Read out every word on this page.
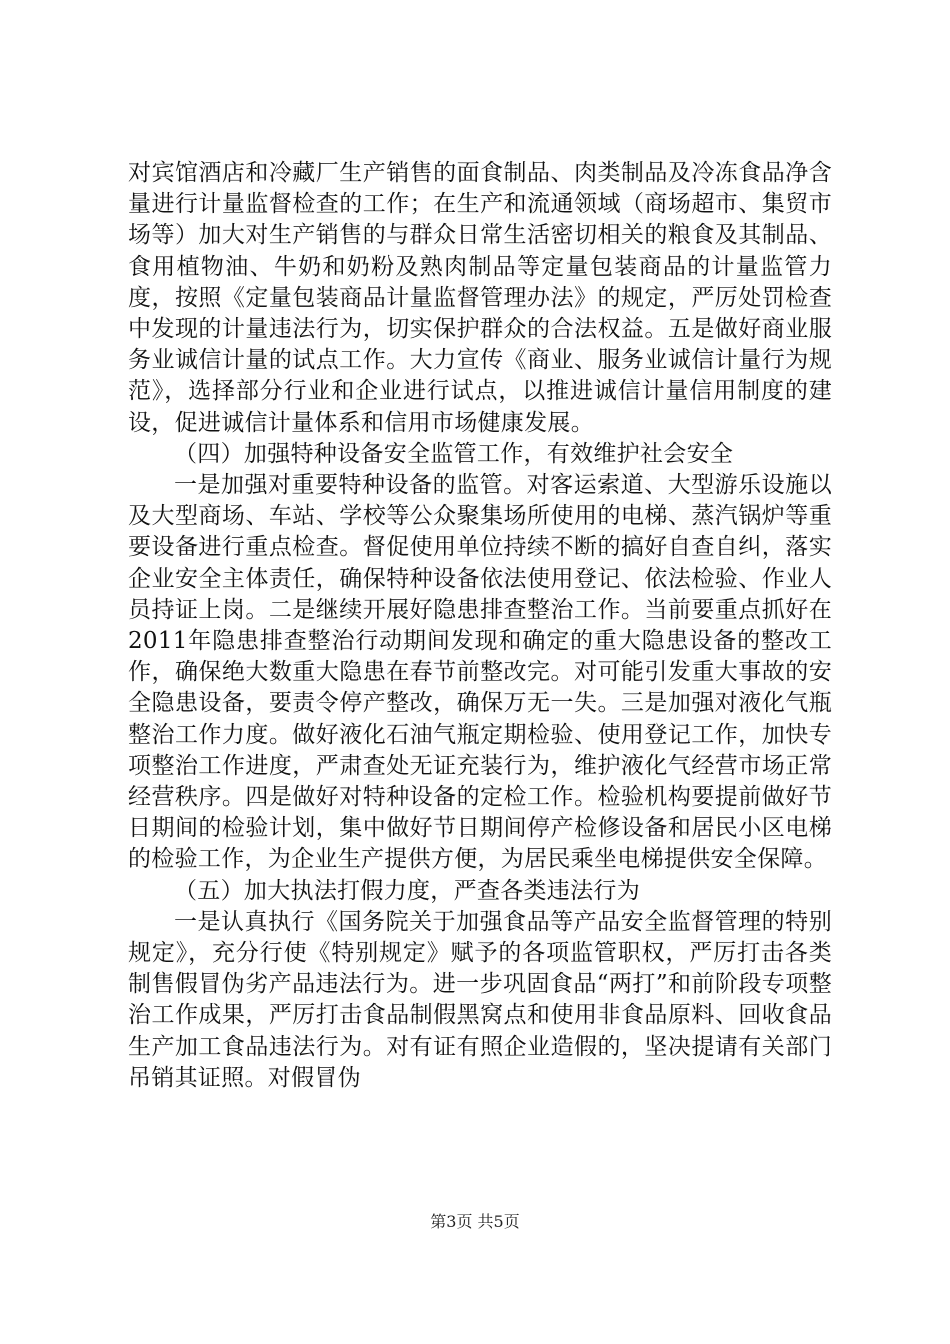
对宾馆酒店和冷藏厂生产销售的面食制品、肉类制品及冷冻食品净含量进行计量监督检查的工作；在生产和流通领域（商场超市、集贸市场等）加大对生产销售的与群众日常生活密切相关的粮食及其制品、食用植物油、牛奶和奶粉及熟肉制品等定量包装商品的计量监管力度，按照《定量包装商品计量监督管理办法》的规定，严厉处罚检查中发现的计量违法行为，切实保护群众的合法权益。五是做好商业服务业诚信计量的试点工作。大力宣传《商业、服务业诚信计量行为规范》，选择部分行业和企业进行试点，以推进诚信计量信用制度的建设，促进诚信计量体系和信用市场健康发展。

（四）加强特种设备安全监管工作，有效维护社会安全

一是加强对重要特种设备的监管。对客运索道、大型游乐设施以及大型商场、车站、学校等公众聚集场所使用的电梯、蒸汽锅炉等重要设备进行重点检查。督促使用单位持续不断的搞好自查自纠，落实企业安全主体责任，确保特种设备依法使用登记、依法检验、作业人员持证上岗。二是继续开展好隐患排查整治工作。当前要重点抓好在2011年隐患排查整治行动期间发现和确定的重大隐患设备的整改工作，确保绝大数重大隐患在春节前整改完。对可能引发重大事故的安全隐患设备，要责令停产整改，确保万无一失。三是加强对液化气瓶整治工作力度。做好液化石油气瓶定期检验、使用登记工作，加快专项整治工作进度，严肃查处无证充装行为，维护液化气经营市场正常经营秩序。四是做好对特种设备的定检工作。检验机构要提前做好节日期间的检验计划，集中做好节日期间停产检修设备和居民小区电梯的检验工作，为企业生产提供方便，为居民乘坐电梯提供安全保障。

（五）加大执法打假力度，严查各类违法行为

一是认真执行《国务院关于加强食品等产品安全监督管理的特别规定》，充分行使《特别规定》赋予的各项监管职权，严厉打击各类制售假冒伪劣产品违法行为。进一步巩固食品“两打”和前阶段专项整治工作成果，严厉打击食品制假黑窝点和使用非食品原料、回收食品生产加工食品违法行为。对有证有照企业造假的，坚决提请有关部门吊销其证照。对假冒伪

第3页 共5页
